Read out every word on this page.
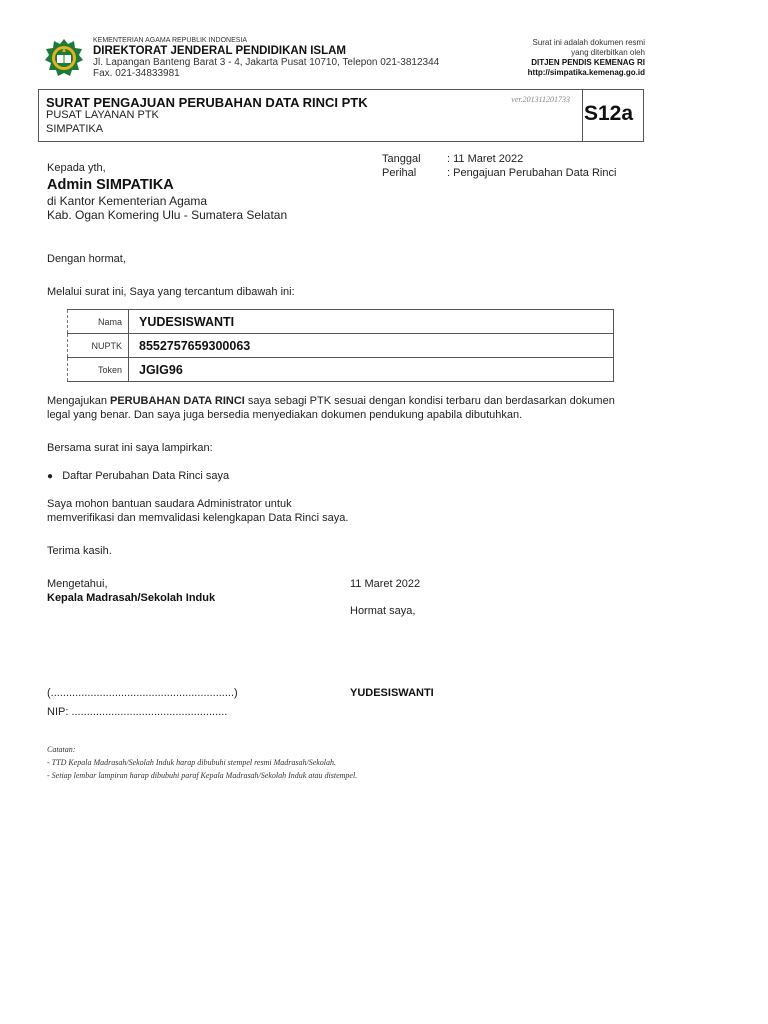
KEMENTERIAN AGAMA REPUBLIK INDONESIA
DIREKTORAT JENDERAL PENDIDIKAN ISLAM
Jl. Lapangan Banteng Barat 3 - 4, Jakarta Pusat 10710, Telepon 021-3812344
Fax. 021-34833981
Surat ini adalah dokumen resmi
yang diterbitkan oleh
DITJEN PENDIS KEMENAG RI
http://simpatika.kemenag.go.id
SURAT PENGAJUAN PERUBAHAN DATA RINCI PTK
PUSAT LAYANAN PTK
SIMPATIKA
ver.201311201733
S12a
Tanggal : 11 Maret 2022
Perihal	: Pengajuan Perubahan Data Rinci
Kepada yth,
Admin SIMPATIKA
di Kantor Kementerian Agama
Kab. Ogan Komering Ulu - Sumatera Selatan
Dengan hormat,
Melalui surat ini, Saya yang tercantum dibawah ini:
Nama	YUDESISWANTI
NUPTK	8552757659300063
Token	JGIG96
Mengajukan PERUBAHAN DATA RINCI saya sebagi PTK sesuai dengan kondisi terbaru dan berdasarkan dokumen
legal yang benar. Dan saya juga bersedia menyediakan dokumen pendukung apabila dibutuhkan.
Bersama surat ini saya lampirkan:
● Daftar Perubahan Data Rinci saya
Saya mohon bantuan saudara Administrator untuk
memverifikasi dan memvalidasi kelengkapan Data Rinci saya.
Terima kasih.
Mengetahui,
Kepala Madrasah/Sekolah Induk
11 Maret 2022
Hormat saya,
(............................................................)
NIP: ...................................................
YUDESISWANTI
Catatan:
- TTD Kepala Madrasah/Sekolah Induk harap dibubuhi stempel resmi Madrasah/Sekolah.
- Setiap lembar lampiran harap dibubuhi paraf Kepala Madrasah/Sekolah Induk atau distempel.
